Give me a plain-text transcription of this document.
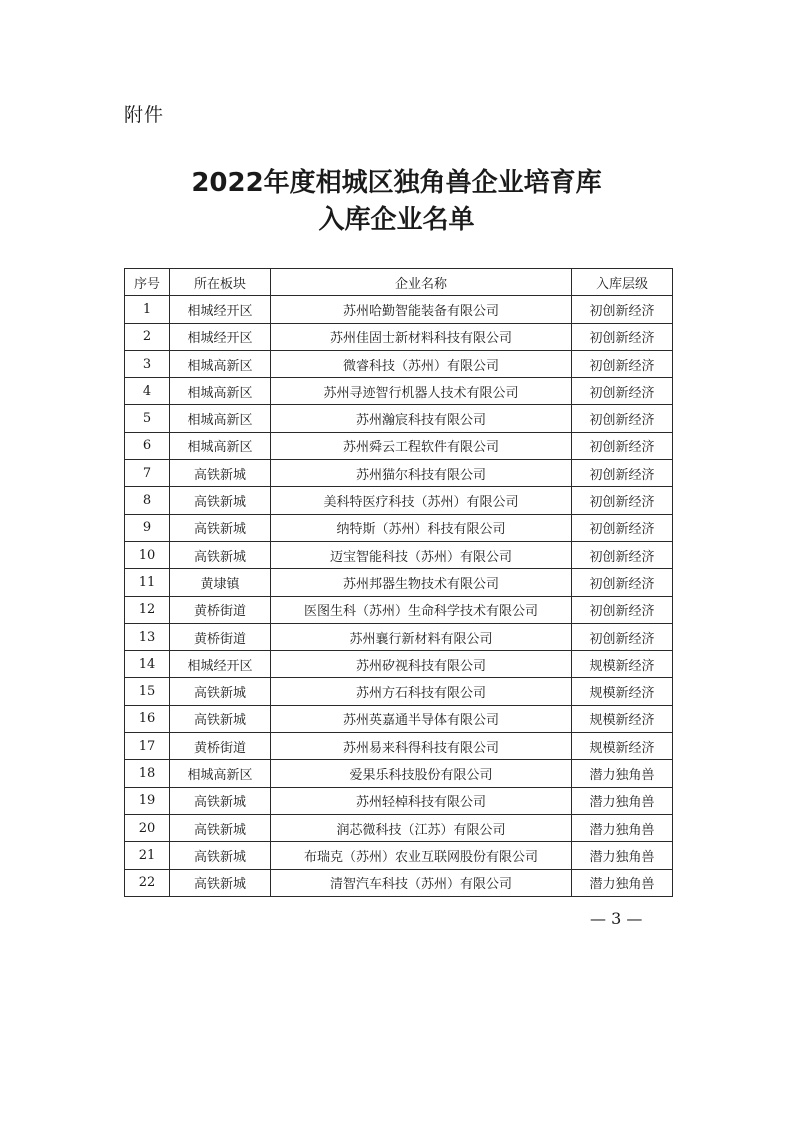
附件
2022年度相城区独角兽企业培育库
入库企业名单
序号	所在板块	企业名称	入库层级
1	相城经开区	苏州哈勤智能装备有限公司	初创新经济
2	相城经开区	苏州佳固士新材料科技有限公司	初创新经济
3	相城高新区	微睿科技（苏州）有限公司	初创新经济
4	相城高新区	苏州寻迹智行机器人技术有限公司	初创新经济
5	相城高新区	苏州瀚宸科技有限公司	初创新经济
6	相城高新区	苏州舜云工程软件有限公司	初创新经济
7	高铁新城	苏州猫尔科技有限公司	初创新经济
8	高铁新城	美科特医疗科技（苏州）有限公司	初创新经济
9	高铁新城	纳特斯（苏州）科技有限公司	初创新经济
10	高铁新城	迈宝智能科技（苏州）有限公司	初创新经济
11	黄埭镇	苏州邦器生物技术有限公司	初创新经济
12	黄桥街道	医图生科（苏州）生命科学技术有限公司	初创新经济
13	黄桥街道	苏州襄行新材料有限公司	初创新经济
14	相城经开区	苏州矽视科技有限公司	规模新经济
15	高铁新城	苏州方石科技有限公司	规模新经济
16	高铁新城	苏州英嘉通半导体有限公司	规模新经济
17	黄桥街道	苏州易来科得科技有限公司	规模新经济
18	相城高新区	爱果乐科技股份有限公司	潜力独角兽
19	高铁新城	苏州轻棹科技有限公司	潜力独角兽
20	高铁新城	润芯微科技（江苏）有限公司	潜力独角兽
21	高铁新城	布瑞克（苏州）农业互联网股份有限公司	潜力独角兽
22	高铁新城	清智汽车科技（苏州）有限公司	潜力独角兽
— 3 —
